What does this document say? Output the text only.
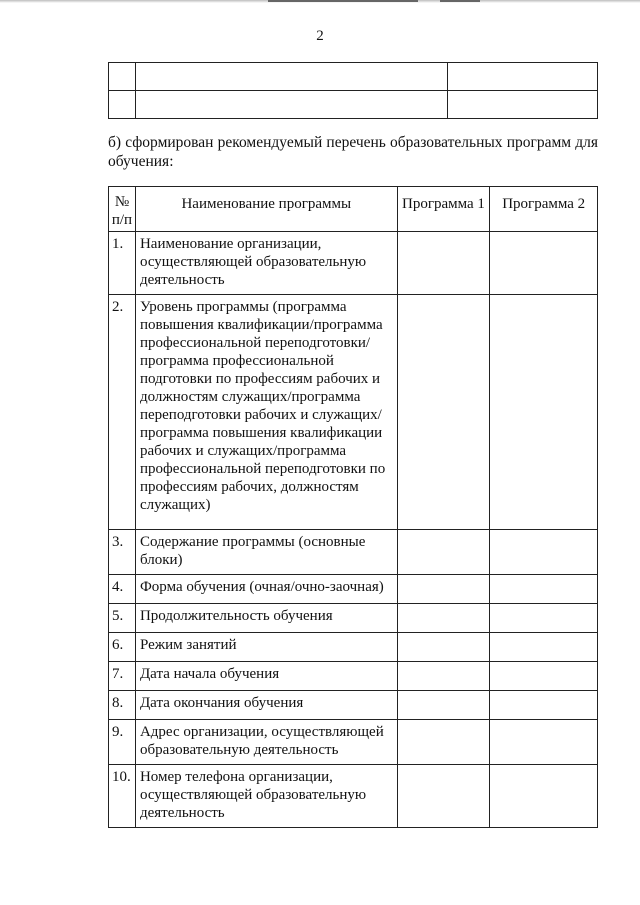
2

б) сформирован рекомендуемый перечень образовательных программ для обучения:
№ п/п	Наименование программы	Программа 1	Программа 2
1.	Наименование организации, осуществляющей образовательную деятельность		
2.	Уровень программы (программа повышения квалификации/программа профессиональной переподготовки/программа профессиональной подготовки по профессиям рабочих и должностям служащих/программа переподготовки рабочих и служащих/программа повышения квалификации рабочих и служащих/программа профессиональной переподготовки по профессиям рабочих, должностям служащих)		
3.	Содержание программы (основные блоки)		
4.	Форма обучения (очная/очно-заочная)		
5.	Продолжительность обучения		
6.	Режим занятий		
7.	Дата начала обучения		
8.	Дата окончания обучения		
9.	Адрес организации, осуществляющей образовательную деятельность		
10.	Номер телефона организации, осуществляющей образовательную деятельность		
